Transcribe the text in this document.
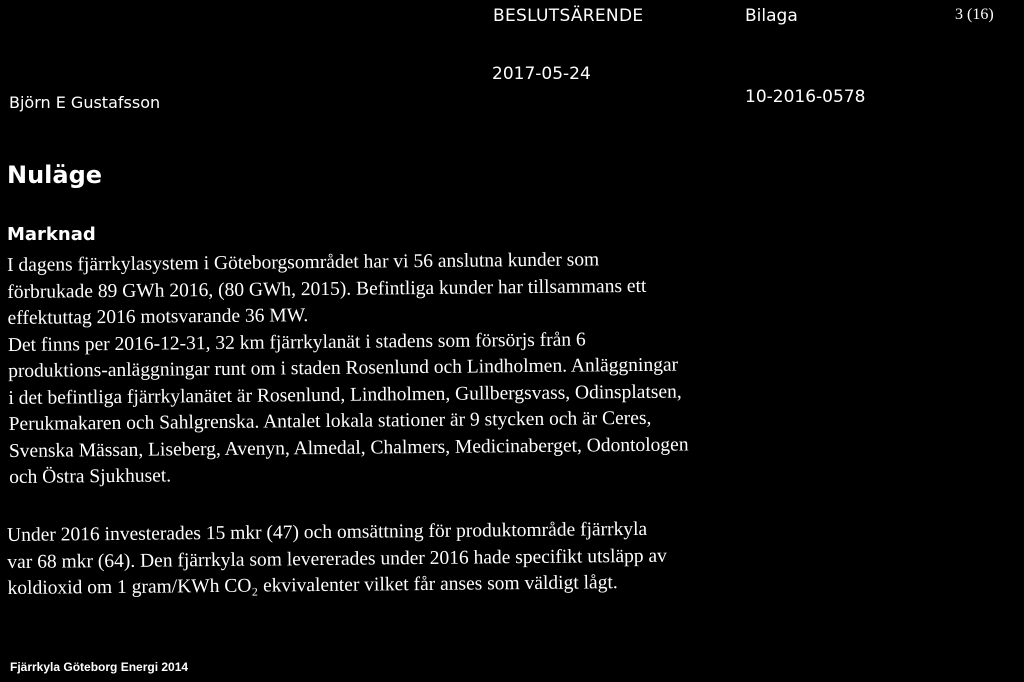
BESLUTSÄRENDE	Bilaga	3 (16)
2017-05-24
Björn E Gustafsson	10-2016-0578
Nuläge
Marknad
I dagens fjärrkylasystem i Göteborgsområdet har vi 56 anslutna kunder som
förbrukade 89 GWh 2016, (80 GWh, 2015). Befintliga kunder har tillsammans ett
effektuttag 2016 motsvarande 36 MW.
Det finns per 2016-12-31, 32 km fjärrkylanät i stadens som försörjs från 6
produktions-anläggningar runt om i staden Rosenlund och Lindholmen. Anläggningar
i det befintliga fjärrkylanätet är Rosenlund, Lindholmen, Gullbergsvass, Odinsplatsen,
Perukmakaren och Sahlgrenska. Antalet lokala stationer är 9 stycken och är Ceres,
Svenska Mässan, Liseberg, Avenyn, Almedal, Chalmers, Medicinaberget, Odontologen
och Östra Sjukhuset.
Under 2016 investerades 15 mkr (47) och omsättning för produktområde fjärrkyla
var 68 mkr (64). Den fjärrkyla som levererades under 2016 hade specifikt utsläpp av
koldioxid om 1 gram/KWh CO₂ ekvivalenter vilket får anses som väldigt lågt.
Fjärrkyla Göteborg Energi 2014
